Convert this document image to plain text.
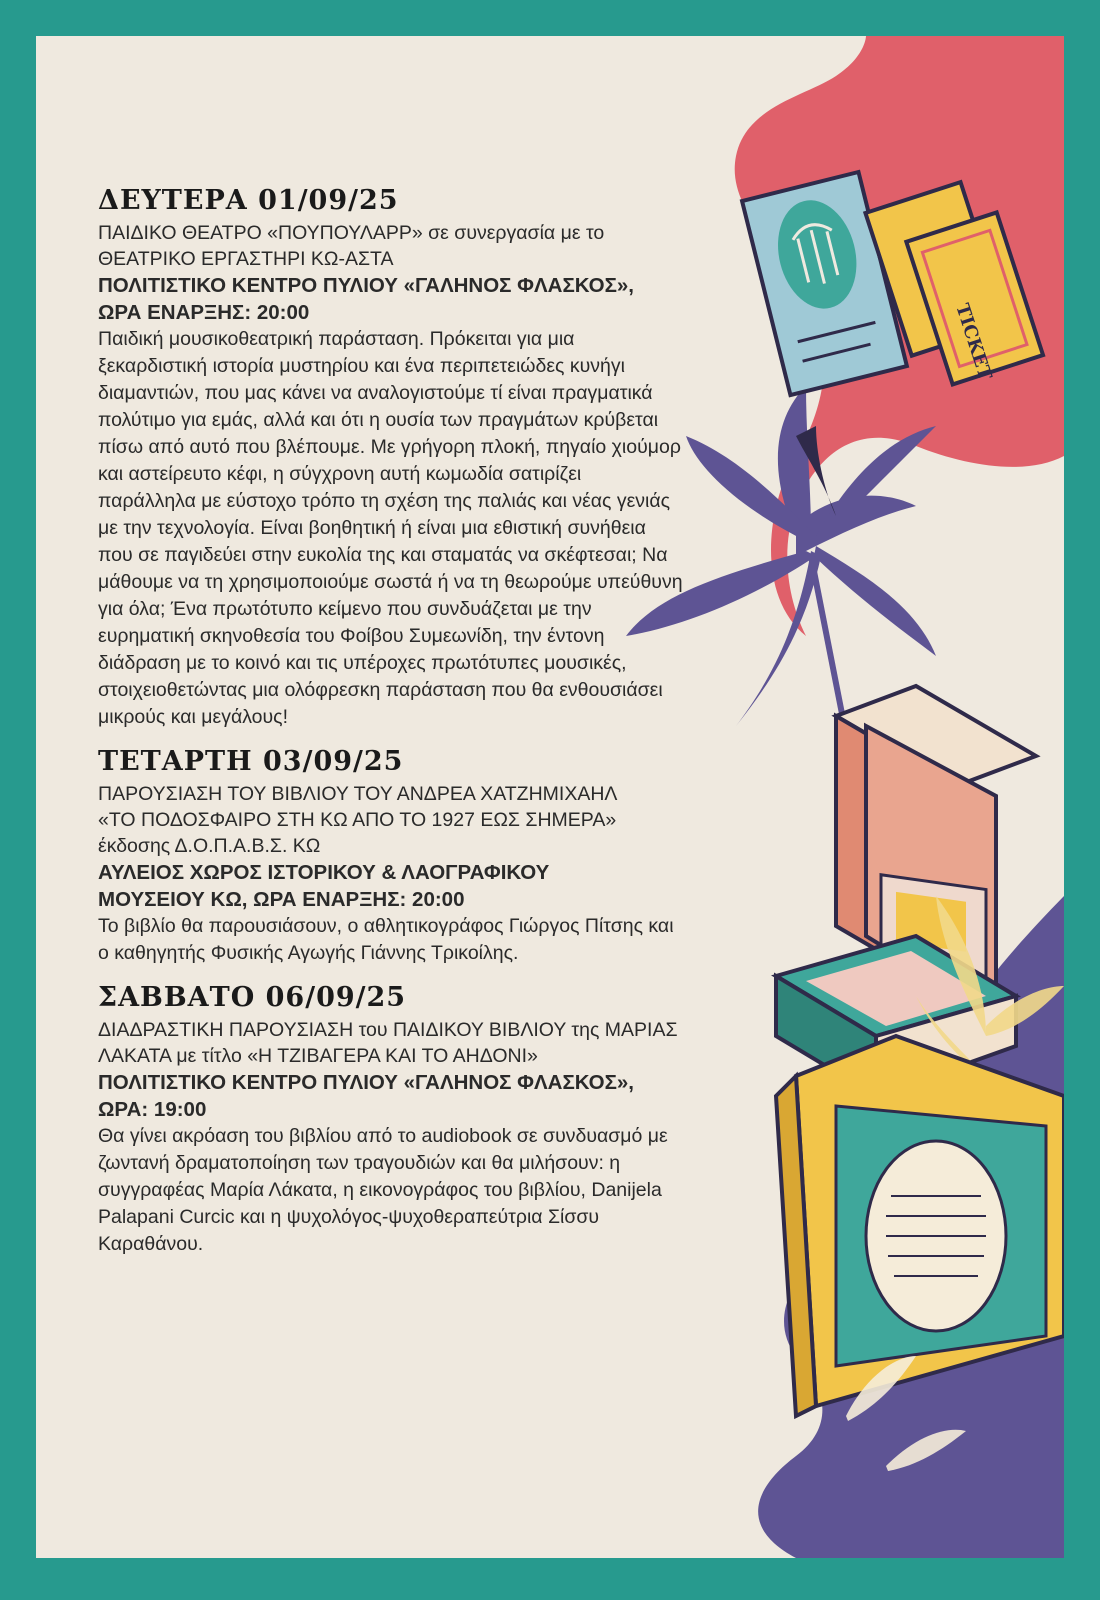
TICKET
ΔΕΥΤΕΡΑ 01/09/25

ΠΑΙΔΙΚΟ ΘΕΑΤΡΟ «ΠΟΥΠΟΥΛΑΡΡ» σε συνεργασία με το

ΘΕΑΤΡΙΚΟ ΕΡΓΑΣΤΗΡΙ ΚΩ-ΑΣΤΑ

ΠΟΛΙΤΙΣΤΙΚΟ ΚΕΝΤΡΟ ΠΥΛΙΟΥ «ΓΑΛΗΝΟΣ ΦΛΑΣΚΟΣ»,

ΩΡΑ ΕΝΑΡΞΗΣ: 20:00

Παιδική μουσικοθεατρική παράσταση. Πρόκειται για μια

ξεκαρδιστική ιστορία μυστηρίου και ένα περιπετειώδες κυνήγι

διαμαντιών, που μας κάνει να αναλογιστούμε τί είναι πραγματικά

πολύτιμο για εμάς, αλλά και ότι η ουσία των πραγμάτων κρύβεται

πίσω από αυτό που βλέπουμε. Με γρήγορη πλοκή, πηγαίο χιούμορ

και αστείρευτο κέφι, η σύγχρονη αυτή κωμωδία σατιρίζει

παράλληλα με εύστοχο τρόπο τη σχέση της παλιάς και νέας γενιάς

με την τεχνολογία. Είναι βοηθητική ή είναι μια εθιστική συνήθεια

που σε παγιδεύει στην ευκολία της και σταματάς να σκέφτεσαι; Να

μάθουμε να τη χρησιμοποιούμε σωστά ή να τη θεωρούμε υπεύθυνη

για όλα; Ένα πρωτότυπο κείμενο που συνδυάζεται με την

ευρηματική σκηνοθεσία του Φοίβου Συμεωνίδη, την έντονη

διάδραση με το κοινό και τις υπέροχες πρωτότυπες μουσικές,

στοιχειοθετώντας μια ολόφρεσκη παράσταση που θα ενθουσιάσει

μικρούς και μεγάλους!

ΤΕΤΑΡΤΗ 03/09/25

ΠΑΡΟΥΣΙΑΣΗ ΤΟΥ ΒΙΒΛΙΟΥ ΤΟΥ ΑΝΔΡΕΑ ΧΑΤΖΗΜΙΧΑΗΛ

«ΤΟ ΠΟΔΟΣΦΑΙΡΟ ΣΤΗ ΚΩ ΑΠΟ ΤΟ 1927 ΕΩΣ ΣΗΜΕΡΑ»

έκδοσης Δ.Ο.Π.Α.Β.Σ. ΚΩ

ΑΥΛΕΙΟΣ ΧΩΡΟΣ ΙΣΤΟΡΙΚΟΥ & ΛΑΟΓΡΑΦΙΚΟΥ

ΜΟΥΣΕΙΟΥ ΚΩ, ΩΡΑ ΕΝΑΡΞΗΣ: 20:00

Το βιβλίο θα παρουσιάσουν, ο αθλητικογράφος Γιώργος Πίτσης και

ο καθηγητής Φυσικής Αγωγής Γιάννης Τρικοίλης.

ΣΑΒΒΑΤΟ 06/09/25

ΔΙΑΔΡΑΣΤΙΚΗ ΠΑΡΟΥΣΙΑΣΗ του ΠΑΙΔΙΚΟΥ ΒΙΒΛΙΟΥ της ΜΑΡΙΑΣ

ΛΑΚΑΤΑ με τίτλο «Η ΤΖΙΒΑΓΕΡΑ ΚΑΙ ΤΟ ΑΗΔΟΝΙ»

ΠΟΛΙΤΙΣΤΙΚΟ ΚΕΝΤΡΟ ΠΥΛΙΟΥ «ΓΑΛΗΝΟΣ ΦΛΑΣΚΟΣ»,

ΩΡΑ: 19:00

Θα γίνει ακρόαση του βιβλίου από το audiobook σε συνδυασμό με

ζωντανή δραματοποίηση των τραγουδιών και θα μιλήσουν: η

συγγραφέας Μαρία Λάκατα, η εικονογράφος του βιβλίου, Danijela

Palapani Curcic και η ψυχολόγος-ψυχοθεραπεύτρια Σίσσυ

Καραθάνου.
